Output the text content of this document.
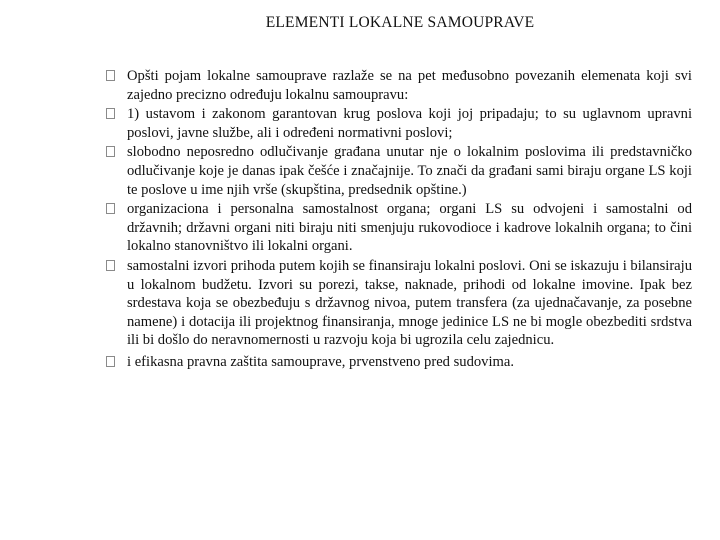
ELEMENTI LOKALNE SAMOUPRAVE
Opšti pojam lokalne samouprave razlaže se na pet međusobno povezanih elemenata koji svi zajedno precizno određuju lokalnu samoupravu:
1) ustavom i zakonom garantovan krug poslova koji joj pripadaju; to su uglavnom upravni poslovi, javne službe, ali i određeni normativni poslovi;
slobodno neposredno odlučivanje građana unutar nje o lokalnim poslovima ili predstavničko odlučivanje koje je danas ipak češće i značajnije. To znači da građani sami biraju organe LS koji te poslove u ime njih vrše (skupština, predsednik opštine.)
organizaciona i personalna samostalnost organa; organi LS su odvojeni i samostalni od državnih; državni organi niti biraju niti smenjuju rukovodioce i kadrove lokalnih organa; to čini lokalno stanovništvo ili lokalni organi.
samostalni izvori prihoda putem kojih se finansiraju lokalni poslovi. Oni se iskazuju i bilansiraju u lokalnom budžetu. Izvori su porezi, takse, naknade, prihodi od lokalne imovine. Ipak bez srdestava koja se obezbeđuju s državnog nivoa, putem transfera (za ujednačavanje, za posebne namene) i dotacija ili projektnog finansiranja, mnoge jedinice LS ne bi mogle obezbediti srdstva ili bi došlo do neravnomernosti u razvoju koja bi ugrozila celu zajednicu.
i efikasna pravna zaštita samouprave, prvenstveno pred sudovima.
